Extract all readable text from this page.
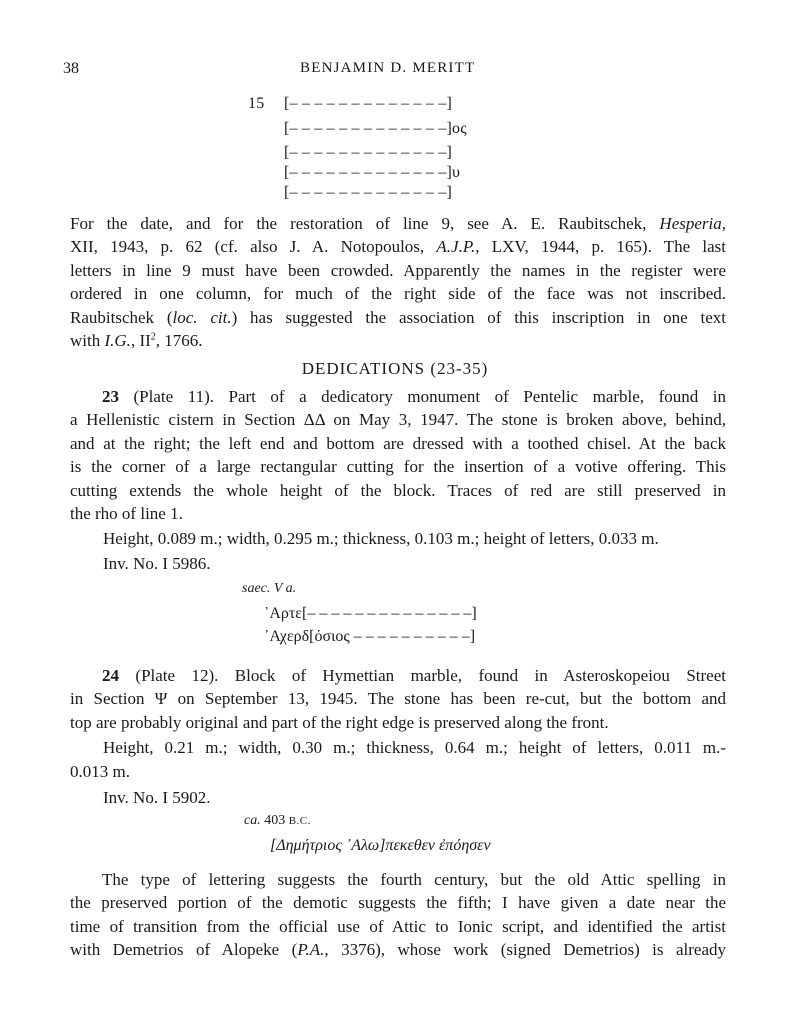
38	BENJAMIN D. MERITT
15 [– – – – – – – – – – – – –]
[– – – – – – – – – – – – –]ος
[– – – – – – – – – – – – –]
[– – – – – – – – – – – – –]υ
[– – – – – – – – – – – – –]
For the date, and for the restoration of line 9, see A. E. Raubitschek, Hesperia,
XII, 1943, p. 62 (cf. also J. A. Notopoulos, A.J.P., LXV, 1944, p. 165). The last
letters in line 9 must have been crowded. Apparently the names in the register were
ordered in one column, for much of the right side of the face was not inscribed.
Raubitschek (loc. cit.) has suggested the association of this inscription in one text
with I.G., $II^2$, 1766.
DEDICATIONS (23-35)
23 (Plate 11). Part of a dedicatory monument of Pentelic marble, found in
a Hellenistic cistern in Section ΔΔ on May 3, 1947. The stone is broken above, behind,
and at the right; the left end and bottom are dressed with a toothed chisel. At the back
is the corner of a large rectangular cutting for the insertion of a votive offering. This
cutting extends the whole height of the block. Traces of red are still preserved in
the rho of line 1.
Height, 0.089 m.; width, 0.295 m.; thickness, 0.103 m.; height of letters, 0.033 m.
Inv. No. I 5986.
saec. V a.
᾿Αρτε[– – – – – – – – – – – – – –]
᾿Αχερδ[όσιος – – – – – – – – – –]
24 (Plate 12). Block of Hymettian marble, found in Asteroskopeiou Street
in Section Ψ on September 13, 1945. The stone has been re-cut, but the bottom and
top are probably original and part of the right edge is preserved along the front.
Height, 0.21 m.; width, 0.30 m.; thickness, 0.64 m.; height of letters, 0.011 m.-
0.013 m.
Inv. No. I 5902.
ca. 403 B.C.
[Δημήτριος ᾿Αλω]πεκεθεν ἐπόησεν
The type of lettering suggests the fourth century, but the old Attic spelling in
the preserved portion of the demotic suggests the fifth; I have given a date near the
time of transition from the official use of Attic to Ionic script, and identified the artist
with Demetrios of Alopeke (P.A., 3376), whose work (signed Demetrios) is already
